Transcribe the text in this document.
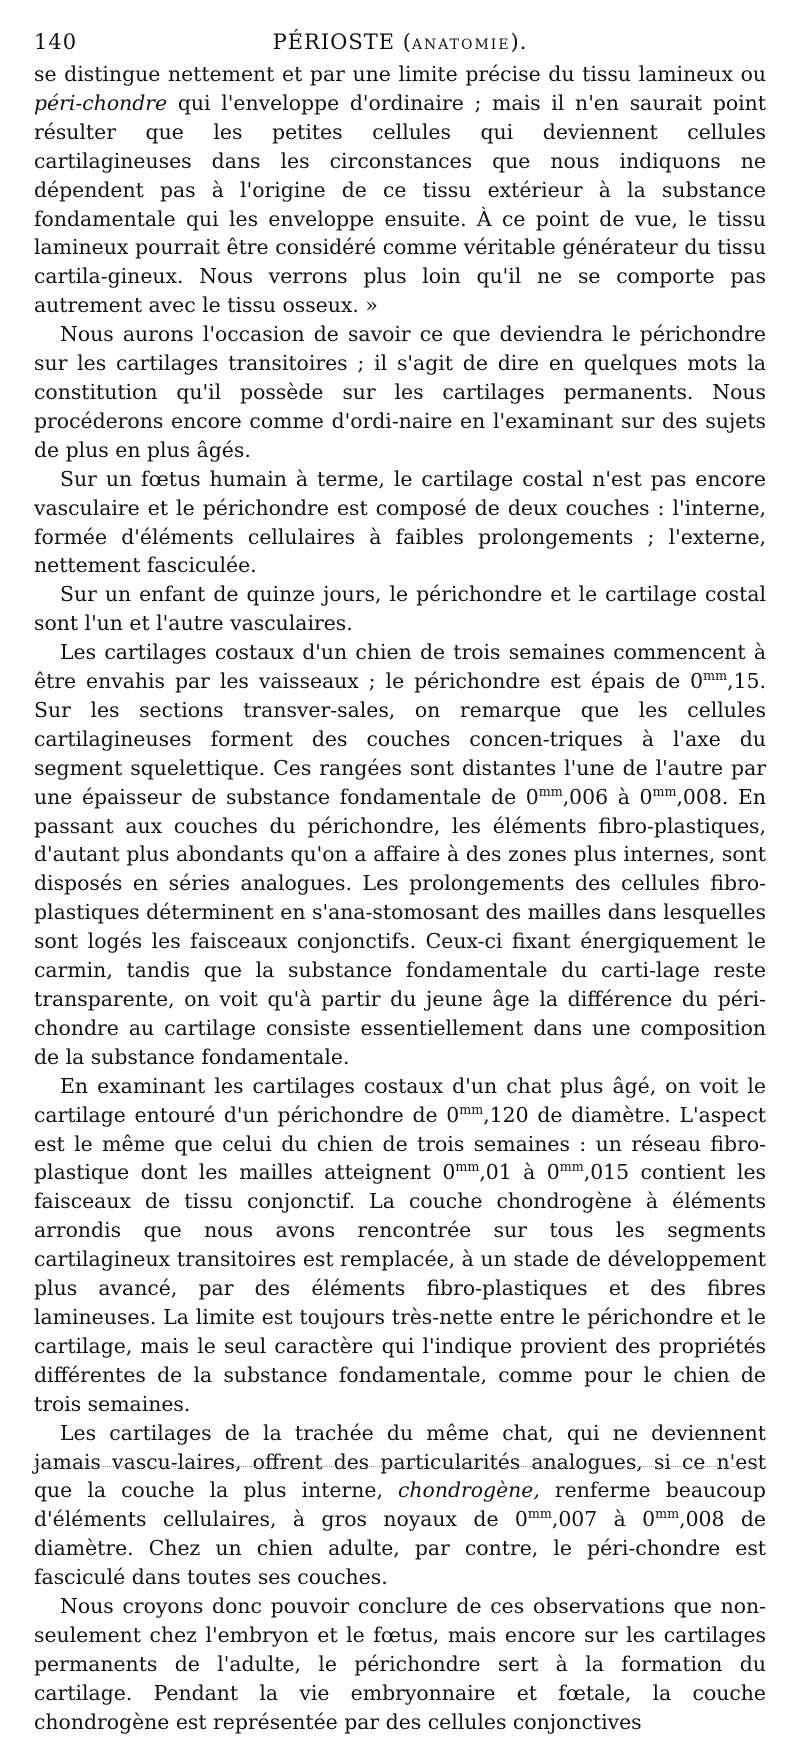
140	PÉRIOSTE (ANATOMIE).

se distingue nettement et par une limite précise du tissu lamineux ou péri-chondre qui l'enveloppe d'ordinaire ; mais il n'en saurait point résulter que les petites cellules qui deviennent cellules cartilagineuses dans les circonstances que nous indiquons ne dépendent pas à l'origine de ce tissu extérieur à la substance fondamentale qui les enveloppe ensuite. À ce point de vue, le tissu lamineux pourrait être considéré comme véritable générateur du tissu cartila-gineux. Nous verrons plus loin qu'il ne se comporte pas autrement avec le tissu osseux. »

Nous aurons l'occasion de savoir ce que deviendra le périchondre sur les cartilages transitoires ; il s'agit de dire en quelques mots la constitution qu'il possède sur les cartilages permanents. Nous procéderons encore comme d'ordi-naire en l'examinant sur des sujets de plus en plus âgés.

Sur un fœtus humain à terme, le cartilage costal n'est pas encore vasculaire et le périchondre est composé de deux couches : l'interne, formée d'éléments cellulaires à faibles prolongements ; l'externe, nettement fasciculée.

Sur un enfant de quinze jours, le périchondre et le cartilage costal sont l'un et l'autre vasculaires.

Les cartilages costaux d'un chien de trois semaines commencent à être envahis par les vaisseaux ; le périchondre est épais de $0^{mm},15$. Sur les sections transver-sales, on remarque que les cellules cartilagineuses forment des couches concen-triques à l'axe du segment squelettique. Ces rangées sont distantes l'une de l'autre par une épaisseur de substance fondamentale de $0^{mm},006$ à $0^{mm},008$. En passant aux couches du périchondre, les éléments fibro-plastiques, d'autant plus abondants qu'on a affaire à des zones plus internes, sont disposés en séries analogues. Les prolongements des cellules fibro-plastiques déterminent en s'ana-stomosant des mailles dans lesquelles sont logés les faisceaux conjonctifs. Ceux-ci fixant énergiquement le carmin, tandis que la substance fondamentale du carti-lage reste transparente, on voit qu'à partir du jeune âge la différence du péri-chondre au cartilage consiste essentiellement dans une composition de la substance fondamentale.

En examinant les cartilages costaux d'un chat plus âgé, on voit le cartilage entouré d'un périchondre de $0^{mm},120$ de diamètre. L'aspect est le même que celui du chien de trois semaines : un réseau fibro-plastique dont les mailles atteignent $0^{mm},01$ à $0^{mm},015$ contient les faisceaux de tissu conjonctif. La couche chondrogène à éléments arrondis que nous avons rencontrée sur tous les segments cartilagineux transitoires est remplacée, à un stade de développement plus avancé, par des éléments fibro-plastiques et des fibres lamineuses. La limite est toujours très-nette entre le périchondre et le cartilage, mais le seul caractère qui l'indique provient des propriétés différentes de la substance fondamentale, comme pour le chien de trois semaines.

Les cartilages de la trachée du même chat, qui ne deviennent jamais vascu-laires, offrent des particularités analogues, si ce n'est que la couche la plus interne, chondrogène, renferme beaucoup d'éléments cellulaires, à gros noyaux de $0^{mm},007$ à $0^{mm},008$ de diamètre. Chez un chien adulte, par contre, le péri-chondre est fasciculé dans toutes ses couches.

Nous croyons donc pouvoir conclure de ces observations que non-seulement chez l'embryon et le fœtus, mais encore sur les cartilages permanents de l'adulte, le périchondre sert à la formation du cartilage. Pendant la vie embryonnaire et fœtale, la couche chondrogène est représentée par des cellules conjonctives
